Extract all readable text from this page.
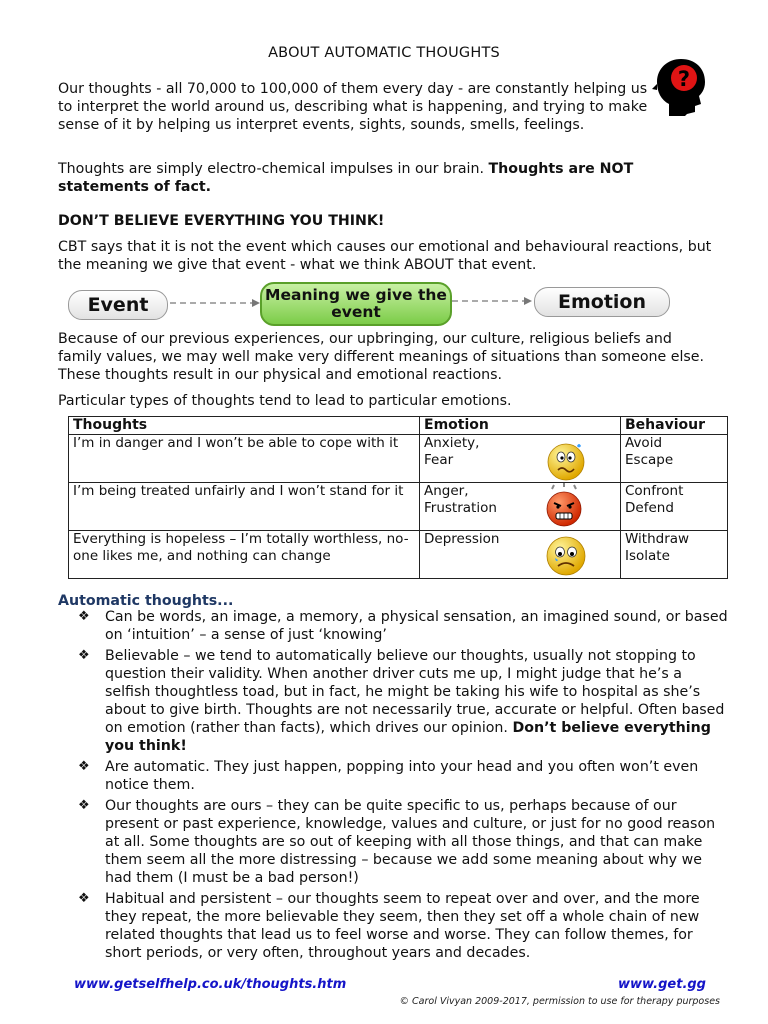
ABOUT AUTOMATIC THOUGHTS
?

Our thoughts - all 70,000 to 100,000 of them every day - are constantly helping us to interpret the world around us, describing what is happening, and trying to make sense of it by helping us interpret events, sights, sounds, smells, feelings.

Thoughts are simply electro-chemical impulses in our brain. Thoughts are NOT statements of fact.

DON’T BELIEVE EVERYTHING YOU THINK!

CBT says that it is not the event which causes our emotional and behavioural reactions, but the meaning we give that event - what we think ABOUT that event.

Event	Meaning we give the event	Emotion

Because of our previous experiences, our upbringing, our culture, religious beliefs and family values, we may well make very different meanings of situations than someone else. These thoughts result in our physical and emotional reactions.

Particular types of thoughts tend to lead to particular emotions.

Thoughts	Emotion	Behaviour
I’m in danger and I won’t be able to cope with it	Anxiety, Fear	Avoid Escape

I’m being treated unfairly and I won’t stand for it	Anger, Frustration	Confront Defend

Everything is hopeless – I’m totally worthless, no-one likes me, and nothing can change	Depression	Withdraw Isolate
Automatic thoughts...
❖ Can be words, an image, a memory, a physical sensation, an imagined sound, or based on ‘intuition’ – a sense of just ‘knowing’
❖ Believable – we tend to automatically believe our thoughts, usually not stopping to question their validity. When another driver cuts me up, I might judge that he’s a selfish thoughtless toad, but in fact, he might be taking his wife to hospital as she’s about to give birth. Thoughts are not necessarily true, accurate or helpful. Often based on emotion (rather than facts), which drives our opinion. Don’t believe everything you think!
❖ Are automatic. They just happen, popping into your head and you often won’t even notice them.
❖ Our thoughts are ours – they can be quite specific to us, perhaps because of our present or past experience, knowledge, values and culture, or just for no good reason at all. Some thoughts are so out of keeping with all those things, and that can make them seem all the more distressing – because we add some meaning about why we had them (I must be a bad person!)
❖ Habitual and persistent – our thoughts seem to repeat over and over, and the more they repeat, the more believable they seem, then they set off a whole chain of new related thoughts that lead us to feel worse and worse. They can follow themes, for short periods, or very often, throughout years and decades.
www.getselfhelp.co.uk/thoughts.htm	www.get.gg
© Carol Vivyan 2009-2017, permission to use for therapy purposes
